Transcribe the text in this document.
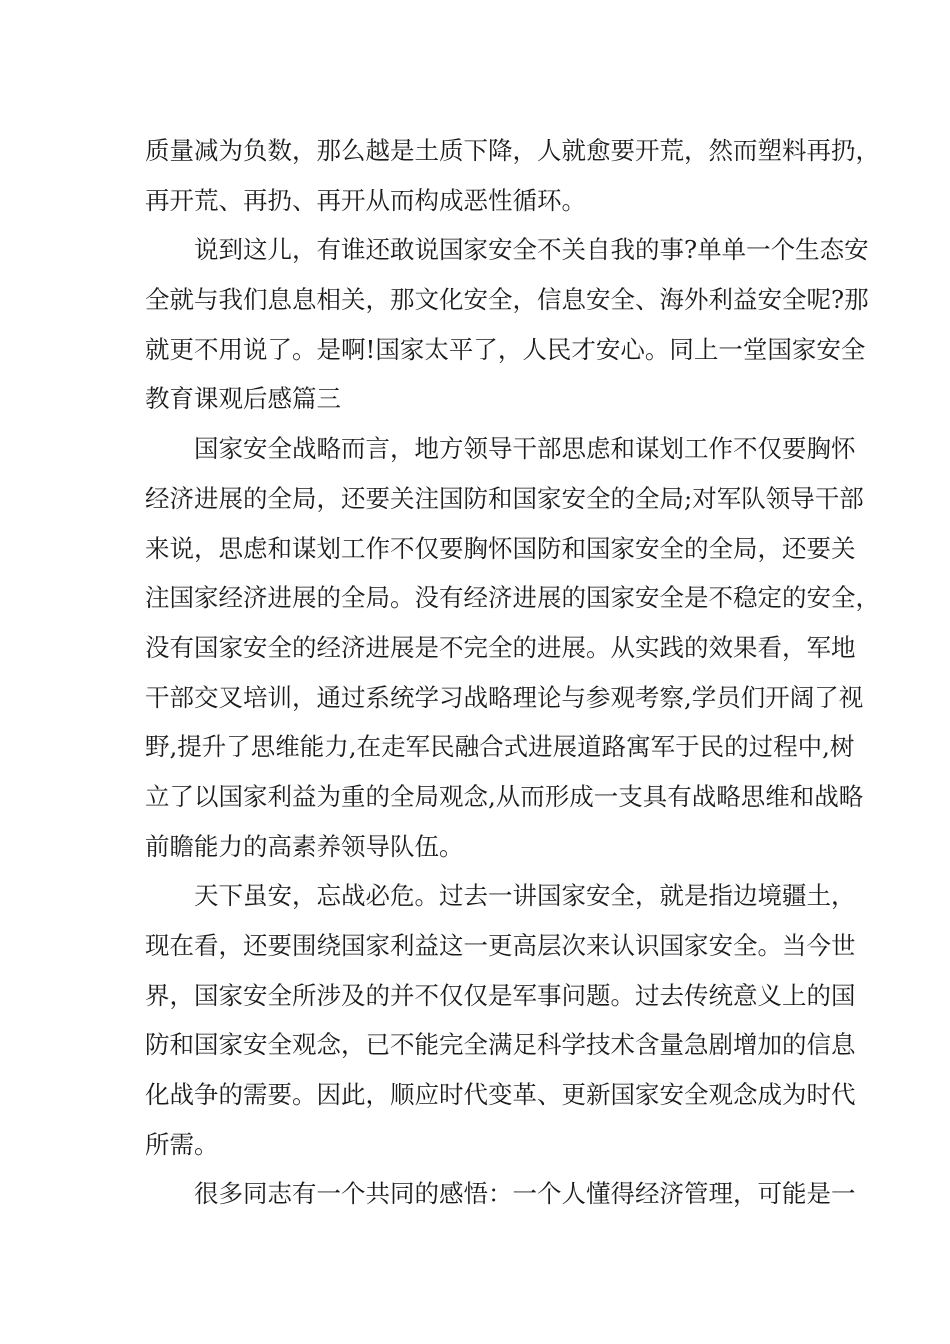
质量减为负数，那么越是土质下降，人就愈要开荒，然而塑料再扔，
再开荒、再扔、再开从而构成恶性循环。
说到这儿，有谁还敢说国家安全不关自我的事?单单一个生态安
全就与我们息息相关，那文化安全，信息安全、海外利益安全呢?那
就更不用说了。是啊!国家太平了，人民才安心。同上一堂国家安全
教育课观后感篇三
国家安全战略而言，地方领导干部思虑和谋划工作不仅要胸怀
经济进展的全局，还要关注国防和国家安全的全局;对军队领导干部
来说，思虑和谋划工作不仅要胸怀国防和国家安全的全局，还要关
注国家经济进展的全局。没有经济进展的国家安全是不稳定的安全，
没有国家安全的经济进展是不完全的进展。从实践的效果看，军地
干部交叉培训，通过系统学习战略理论与参观考察,学员们开阔了视
野,提升了思维能力,在走军民融合式进展道路寓军于民的过程中,树
立了以国家利益为重的全局观念,从而形成一支具有战略思维和战略
前瞻能力的高素养领导队伍。
天下虽安，忘战必危。过去一讲国家安全，就是指边境疆土，
现在看，还要围绕国家利益这一更高层次来认识国家安全。当今世
界，国家安全所涉及的并不仅仅是军事问题。过去传统意义上的国
防和国家安全观念，已不能完全满足科学技术含量急剧增加的信息
化战争的需要。因此，顺应时代变革、更新国家安全观念成为时代
所需。
很多同志有一个共同的感悟：一个人懂得经济管理，可能是一
